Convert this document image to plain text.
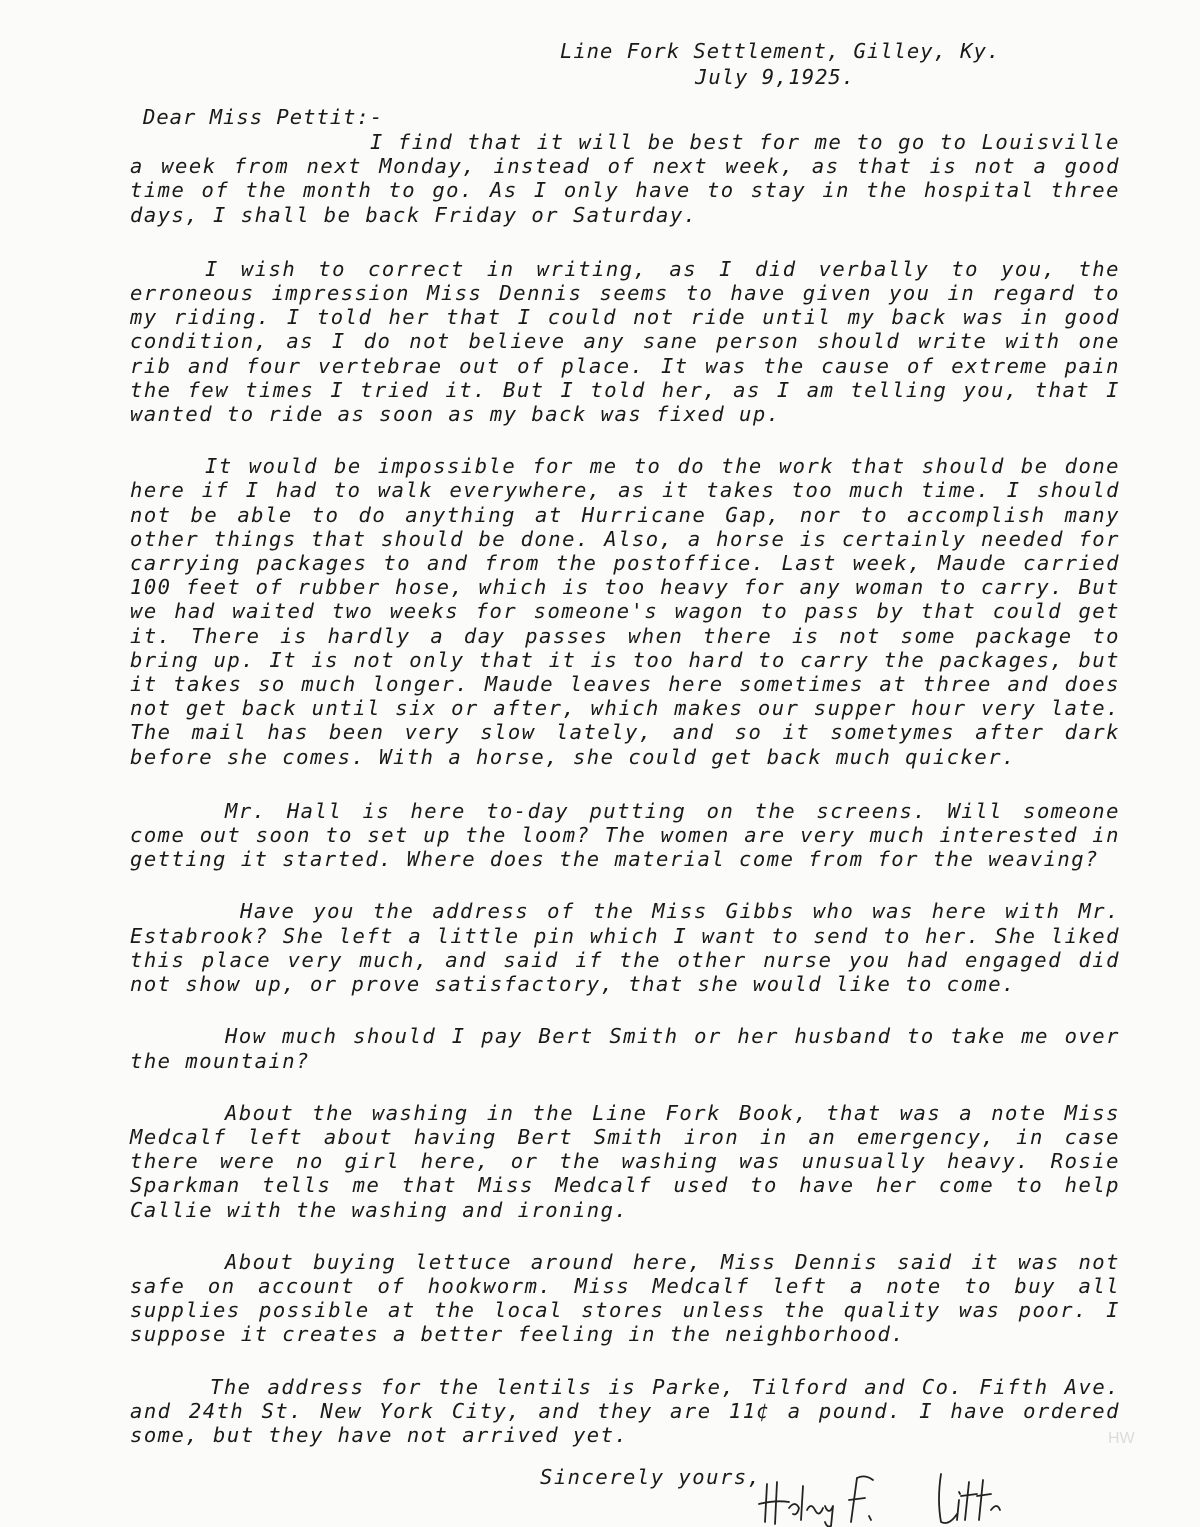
Line Fork Settlement, Gilley, Ky.
July 9,1925.
Dear Miss Pettit:-

I find that it will be best for me to go to Louisville a week from next Monday, instead of next week, as that is not a good time of the month to go. As I only have to stay in the hospital three days, I shall be back Friday or Saturday.

I wish to correct in writing, as I did verbally to you, the erroneous impression Miss Dennis seems to have given you in regard to my riding. I told her that I could not ride until my back was in good condition, as I do not believe any sane person should write with one rib and four vertebrae out of place. It was the cause of extreme pain the few times I tried it. But I told her, as I am telling you, that I wanted to ride as soon as my back was fixed up.

It would be impossible for me to do the work that should be done here if I had to walk everywhere, as it takes too much time. I should not be able to do anything at Hurricane Gap, nor to accomplish many other things that should be done. Also, a horse is certainly needed for carrying packages to and from the postoffice. Last week, Maude carried 100 feet of rubber hose, which is too heavy for any woman to carry. But we had waited two weeks for someone's wagon to pass by that could get it. There is hardly a day passes when there is not some package to bring up. It is not only that it is too hard to carry the packages, but it takes so much longer. Maude leaves here sometimes at three and does not get back until six or after, which makes our supper hour very late. The mail has been very slow lately, and so it sometymes after dark before she comes. With a horse, she could get back much quicker.

Mr. Hall is here to-day putting on the screens. Will someone come out soon to set up the loom? The women are very much interested in getting it started. Where does the material come from for the weaving?

Have you the address of the Miss Gibbs who was here with Mr. Estabrook? She left a little pin which I want to send to her. She liked this place very much, and said if the other nurse you had engaged did not show up, or prove satisfactory, that she would like to come.

How much should I pay Bert Smith or her husband to take me over the mountain?

About the washing in the Line Fork Book, that was a note Miss Medcalf left about having Bert Smith iron in an emergency, in case there were no girl here, or the washing was unusually heavy. Rosie Sparkman tells me that Miss Medcalf used to have her come to help Callie with the washing and ironing.

About buying lettuce around here, Miss Dennis said it was not safe on account of hookworm. Miss Medcalf left a note to buy all supplies possible at the local stores unless the quality was poor. I suppose it creates a better feeling in the neighborhood.

The address for the lentils is Parke, Tilford and Co. Fifth Ave. and 24th St. New York City, and they are 11¢ a pound. I have ordered some, but they have not arrived yet.

Sincerely yours,
HW
